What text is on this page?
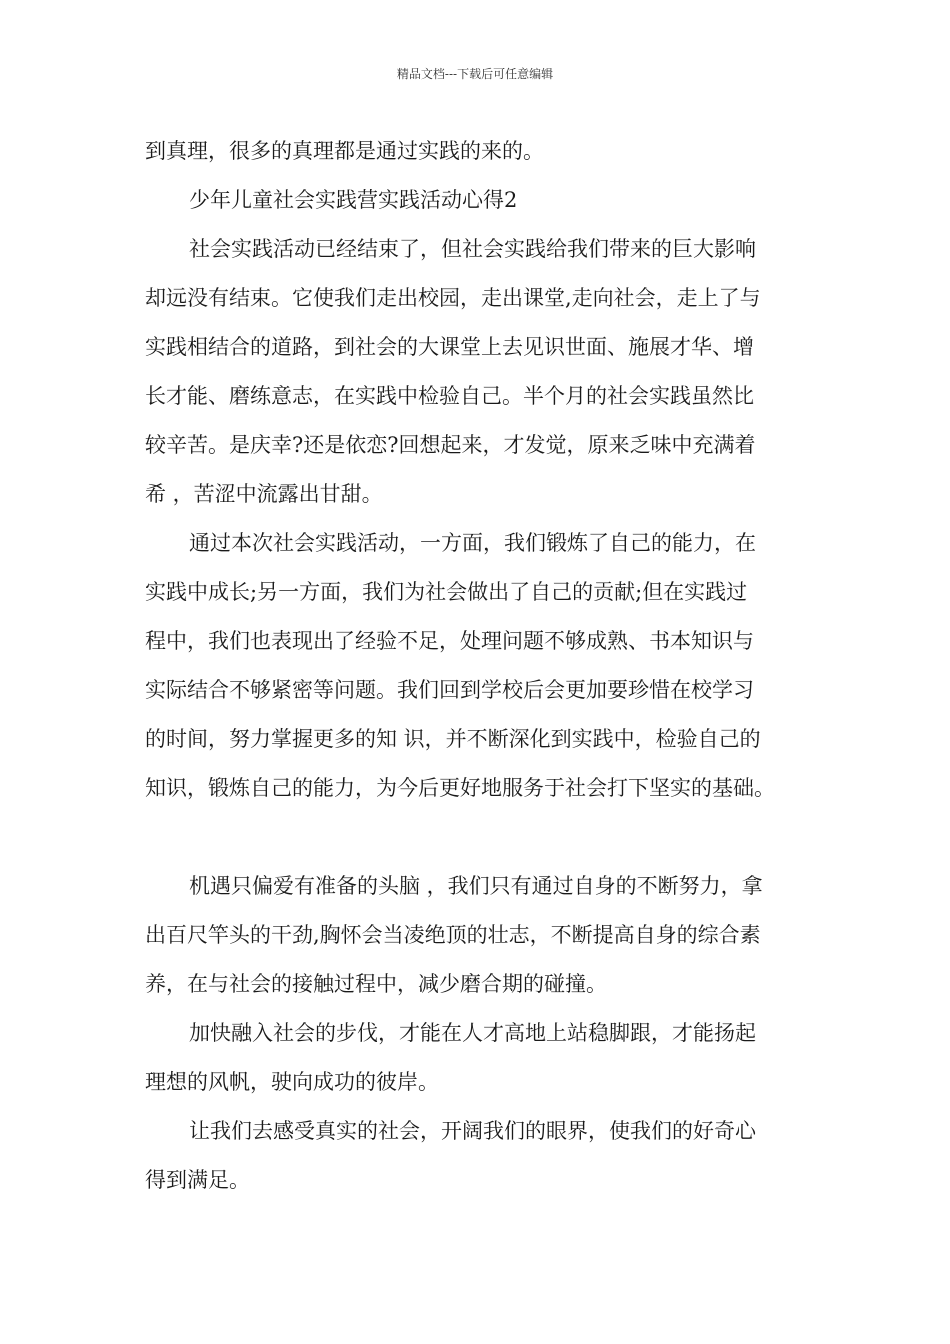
精品文档---下载后可任意编辑
到真理，很多的真理都是通过实践的来的。
少年儿童社会实践营实践活动心得2
社会实践活动已经结束了，但社会实践给我们带来的巨大影响
却远没有结束。它使我们走出校园，走出课堂,走向社会，走上了与
实践相结合的道路，到社会的大课堂上去见识世面、施展才华、增
长才能、磨练意志，在实践中检验自己。半个月的社会实践虽然比
较辛苦。是庆幸?还是依恋?回想起来，才发觉，原来乏味中充满着
希 ，苦涩中流露出甘甜。
通过本次社会实践活动，一方面，我们锻炼了自己的能力，在
实践中成长;另一方面，我们为社会做出了自己的贡献;但在实践过
程中，我们也表现出了经验不足，处理问题不够成熟、书本知识与
实际结合不够紧密等问题。我们回到学校后会更加要珍惜在校学习
的时间，努力掌握更多的知 识，并不断深化到实践中，检验自己的
知识，锻炼自己的能力，为今后更好地服务于社会打下坚实的基础。
机遇只偏爱有准备的头脑 ，我们只有通过自身的不断努力，拿
出百尺竿头的干劲,胸怀会当凌绝顶的壮志，不断提高自身的综合素
养，在与社会的接触过程中，减少磨合期的碰撞。
加快融入社会的步伐，才能在人才高地上站稳脚跟，才能扬起
理想的风帆，驶向成功的彼岸。
让我们去感受真实的社会，开阔我们的眼界，使我们的好奇心
得到满足。
